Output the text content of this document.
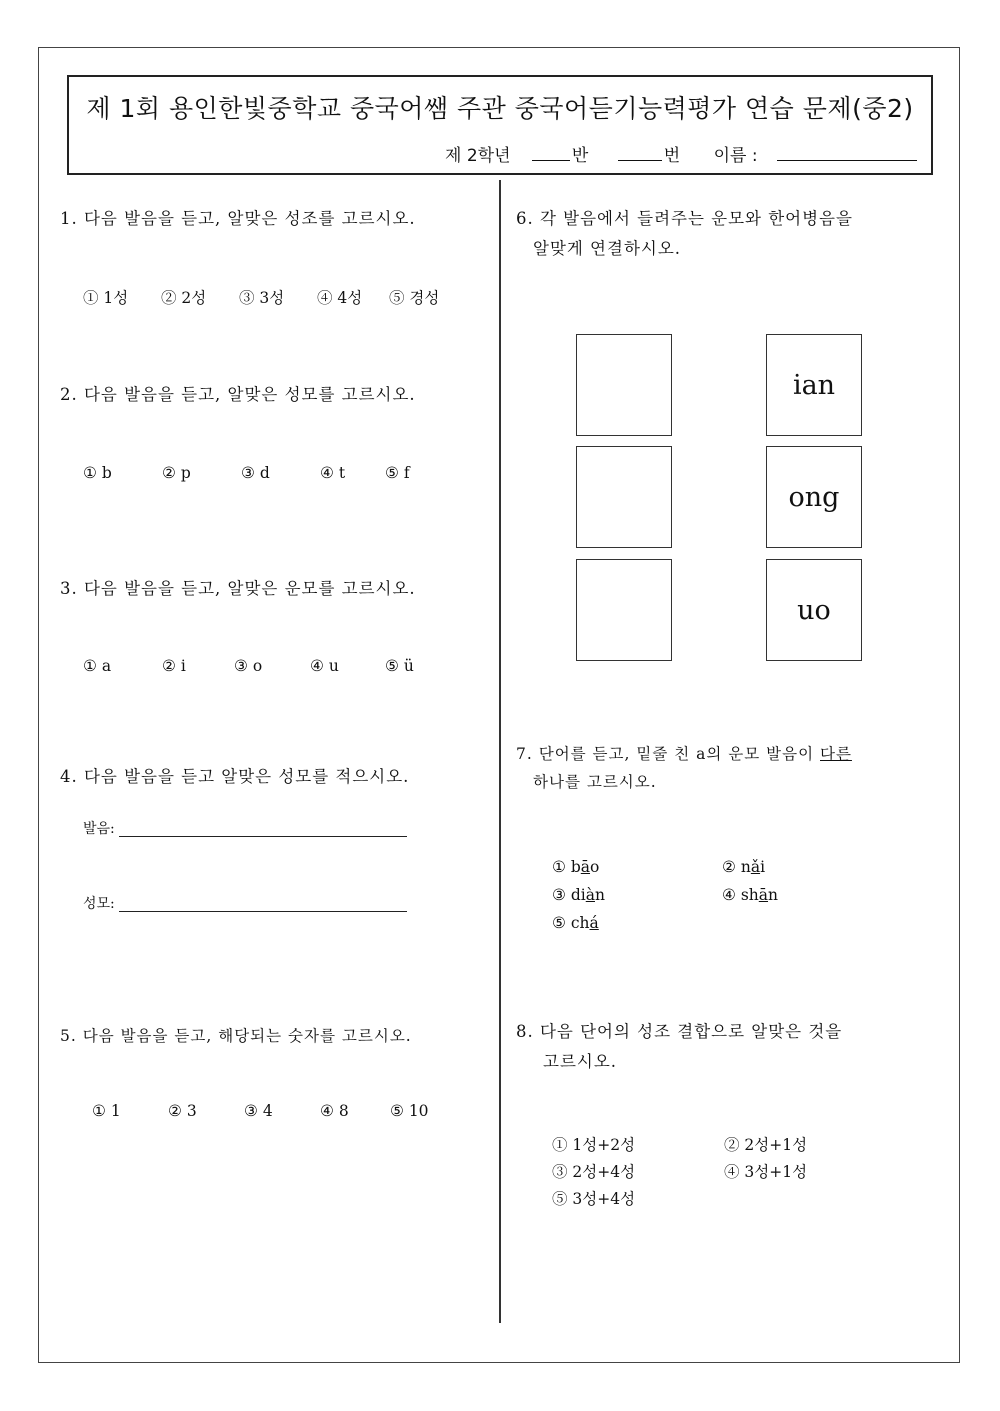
제 1회 용인한빛중학교 중국어쌤 주관 중국어듣기능력평가 연습 문제(중2)
제 2학년	반	번 이름 :
1. 다음 발음을 듣고, 알맞은 성조를 고르시오.
① 1성 ② 2성 ③ 3성 ④ 4성 ⑤ 경성
2. 다음 발음을 듣고, 알맞은 성모를 고르시오.
① b	② p	③ d	④ t	⑤ f
3. 다음 발음을 듣고, 알맞은 운모를 고르시오.
① a	② i	③ o	④ u	⑤ ü
4. 다음 발음을 듣고 알맞은 성모를 적으시오.
발음:
성모:
5. 다음 발음을 듣고, 해당되는 숫자를 고르시오.
① 1	② 3	③ 4	④ 8	⑤ 10
6. 각 발음에서 들려주는 운모와 한어병음을
알맞게 연결하시오.
ian
ong
uo
7. 단어를 듣고, 밑줄 친 a의 운모 발음이 다른
하나를 고르시오.
① bāo	② nǎi
③ diàn	④ shān
⑤ chá
8. 다음 단어의 성조 결합으로 알맞은 것을
고르시오.
① 1성+2성	② 2성+1성
③ 2성+4성	④ 3성+1성
⑤ 3성+4성
